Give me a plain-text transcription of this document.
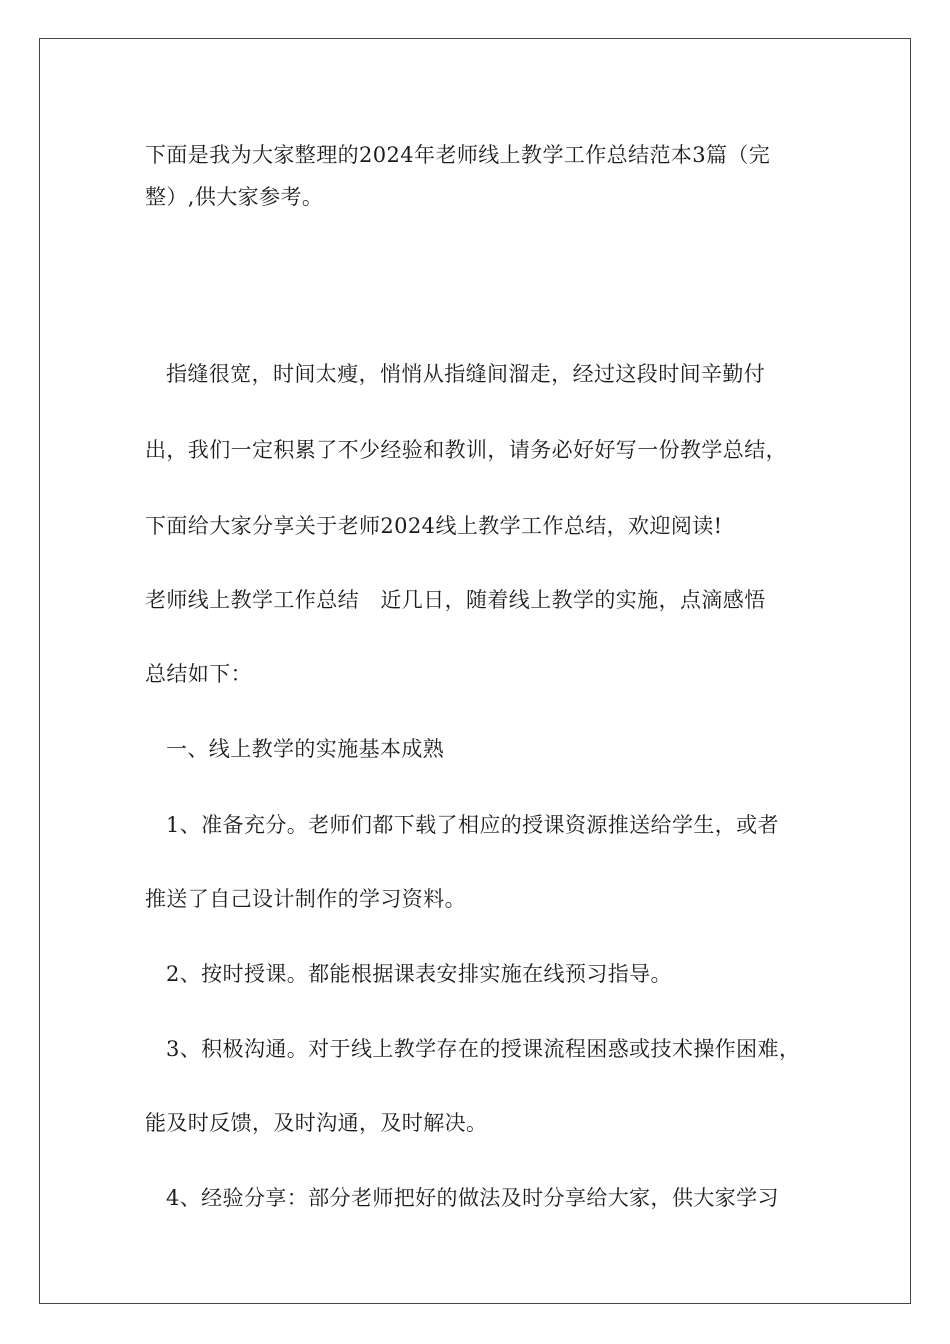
下面是我为大家整理的2024年老师线上教学工作总结范本3篇（完
整）,供大家参考。
指缝很宽，时间太瘦，悄悄从指缝间溜走，经过这段时间辛勤付
出，我们一定积累了不少经验和教训，请务必好好写一份教学总结，
下面给大家分享关于老师2024线上教学工作总结，欢迎阅读!
老师线上教学工作总结　近几日，随着线上教学的实施，点滴感悟
总结如下：
一、线上教学的实施基本成熟
1、准备充分。老师们都下载了相应的授课资源推送给学生，或者
推送了自己设计制作的学习资料。
2、按时授课。都能根据课表安排实施在线预习指导。
3、积极沟通。对于线上教学存在的授课流程困惑或技术操作困难，
能及时反馈，及时沟通，及时解决。
4、经验分享：部分老师把好的做法及时分享给大家，供大家学习
